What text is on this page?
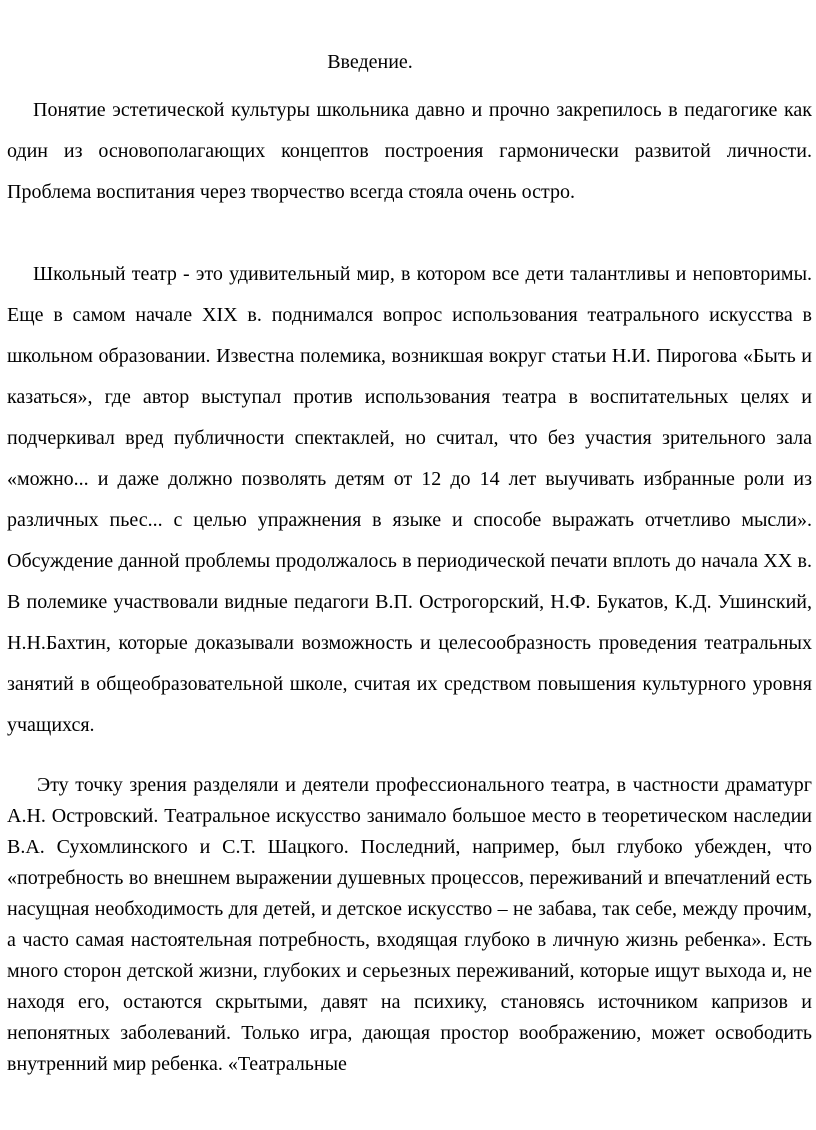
Введение.

Понятие эстетической культуры школьника давно и прочно закрепилось в педагогике как один из основополагающих концептов построения гармонически развитой личности. Проблема воспитания через творчество всегда стояла очень остро.

Школьный театр - это удивительный мир, в котором все дети талантливы и неповторимы. Еще в самом начале XIX в. поднимался вопрос использования театрального искусства в школьном образовании. Известна полемика, возникшая вокруг статьи Н.И. Пирогова «Быть и казаться», где автор выступал против использования театра в воспитательных целях и подчеркивал вред публичности спектаклей, но считал, что без участия зрительного зала «можно... и даже должно позволять детям от 12 до 14 лет выучивать избранные роли из различных пьес... с целью упражнения в языке и способе выражать отчетливо мысли». Обсуждение данной проблемы продолжалось в периодической печати вплоть до начала XX в. В полемике участвовали видные педагоги В.П. Острогорский, Н.Ф. Букатов, К.Д. Ушинский, Н.Н.Бахтин, которые доказывали возможность и целесообразность проведения театральных занятий в общеобразовательной школе, считая их средством повышения культурного уровня учащихся.

Эту точку зрения разделяли и деятели профессионального театра, в частности драматург А.Н. Островский. Театральное искусство занимало большое место в теоретическом наследии В.А. Сухомлинского и С.Т. Шацкого. Последний, например, был глубоко убежден, что «потребность во внешнем выражении душевных процессов, переживаний и впечатлений есть насущная необходимость для детей, и детское искусство – не забава, так себе, между прочим, а часто самая настоятельная потребность, входящая глубоко в личную жизнь ребенка». Есть много сторон детской жизни, глубоких и серьезных переживаний, которые ищут выхода и, не находя его, остаются скрытыми, давят на психику, становясь источником капризов и непонятных заболеваний. Только игра, дающая простор воображению, может освободить внутренний мир ребенка. «Театральные
